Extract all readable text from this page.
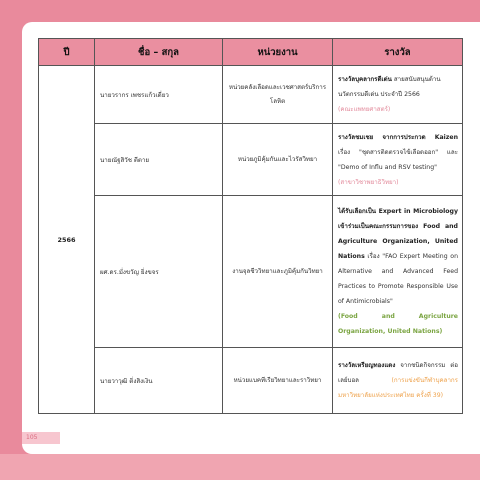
105
ปี	ชื่อ – สกุล	หน่วยงาน	รางวัล
2566	นายวรากร เพชรแก้วเดี่ยว	หน่วยคลังเลือดและเวชศาสตร์บริการโลหิต	รางวัลบุคลากรดีเด่น สายสนับสนุนด้านนวัตกรรมดีเด่น ประจำปี 2566
(คณะแพทยศาสตร์)
	นายณัฐสิวัช ตีตาย	หน่วยภูมิคุ้มกันและไวรัสวิทยา	รางวัลชมเชย จากการประกวด Kaizen เรื่อง "ชุดสารติดตรวจไข้เลือดออก" และ "Demo of Influ and RSV testing"
(สาขาวิชาพยาธิวิทยา)
	ผศ.ดร.มั่งขวัญ ยิ่งขจร	งานจุลชีววิทยาและภูมิคุ้มกันวิทยา	ได้รับเลือกเป็น Expert in Microbiology เข้าร่วมเป็นคณะกรรมการของ Food and Agriculture Organization, United Nations เรื่อง "FAO Expert Meeting on Alternative and Advanced Feed Practices to Promote Responsible Use of Antimicrobials"
(Food and Agriculture Organization, United Nations)
	นายวาวุฒิ ติ่งสิงเงิน	หน่วยแบคทีเรียวิทยาและราวิทยา	รางวัลเหรียญทองแดง จากชนิดกิจกรรม ต่อเลย์บอล (การแข่งขันกีฬาบุคลากรมหาวิทยาลัยแห่งประเทศไทย ครั้งที่ 39)
